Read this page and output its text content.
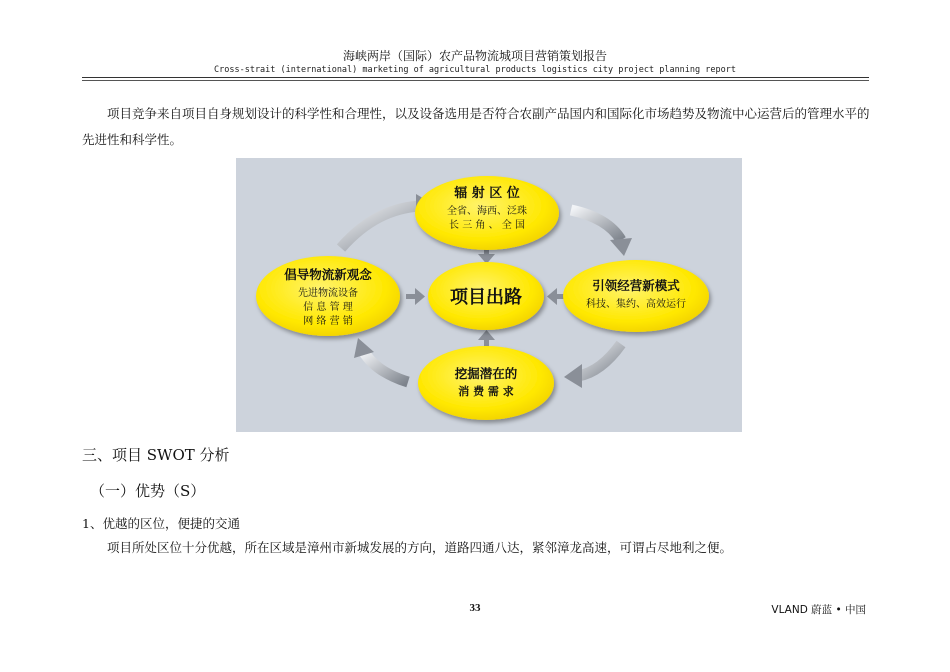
海峡两岸（国际）农产品物流城项目营销策划报告
Cross-strait (international) marketing of agricultural products logistics city project planning report
项目竞争来自项目自身规划设计的科学性和合理性，以及设备选用是否符合农副产品国内和国际化市场趋势及物流中心运营后的管理水平的先进性和科学性。
辐 射 区 位
全省、海西、泛珠
长 三 角 、 全 国
倡导物流新观念
先进物流设备
信 息 管 理
网 络 营 销
项目出路
引领经营新模式
科技、集约、高效运行
挖掘潜在的
消 费 需 求
三、项目 SWOT 分析
（一）优势（S）
1、优越的区位，便捷的交通
项目所处区位十分优越，所在区域是漳州市新城发展的方向，道路四通八达，紧邻漳龙高速，可谓占尽地利之便。
33	VLAND 蔚蓝 • 中国
